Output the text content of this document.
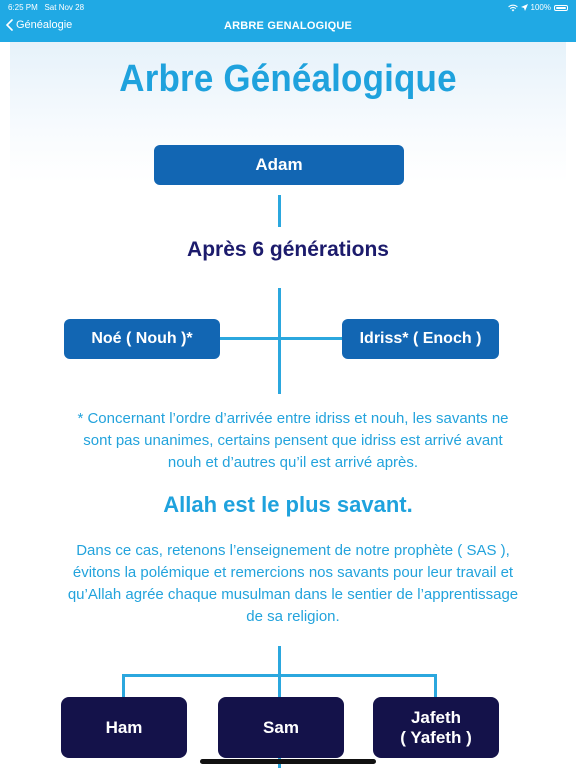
6:25 PM Sat Nov 28	100%
Généalogie	ARBRE GENALOGIQUE
Arbre Généalogique
Adam
Après 6 générations
Noé ( Nouh )*	Idriss* ( Enoch )
* Concernant l’ordre d’arrivée entre idriss et nouh, les savants ne sont pas unanimes, certains pensent que idriss est arrivé avant nouh et d’autres qu’il est arrivé après.
Allah est le plus savant.
Dans ce cas, retenons l’enseignement de notre prophète ( SAS ), évitons la polémique et remercions nos savants pour leur travail et qu’Allah agrée chaque musulman dans le sentier de l’apprentissage de sa religion.
Ham	Sam
Jafeth
( Yafeth )
